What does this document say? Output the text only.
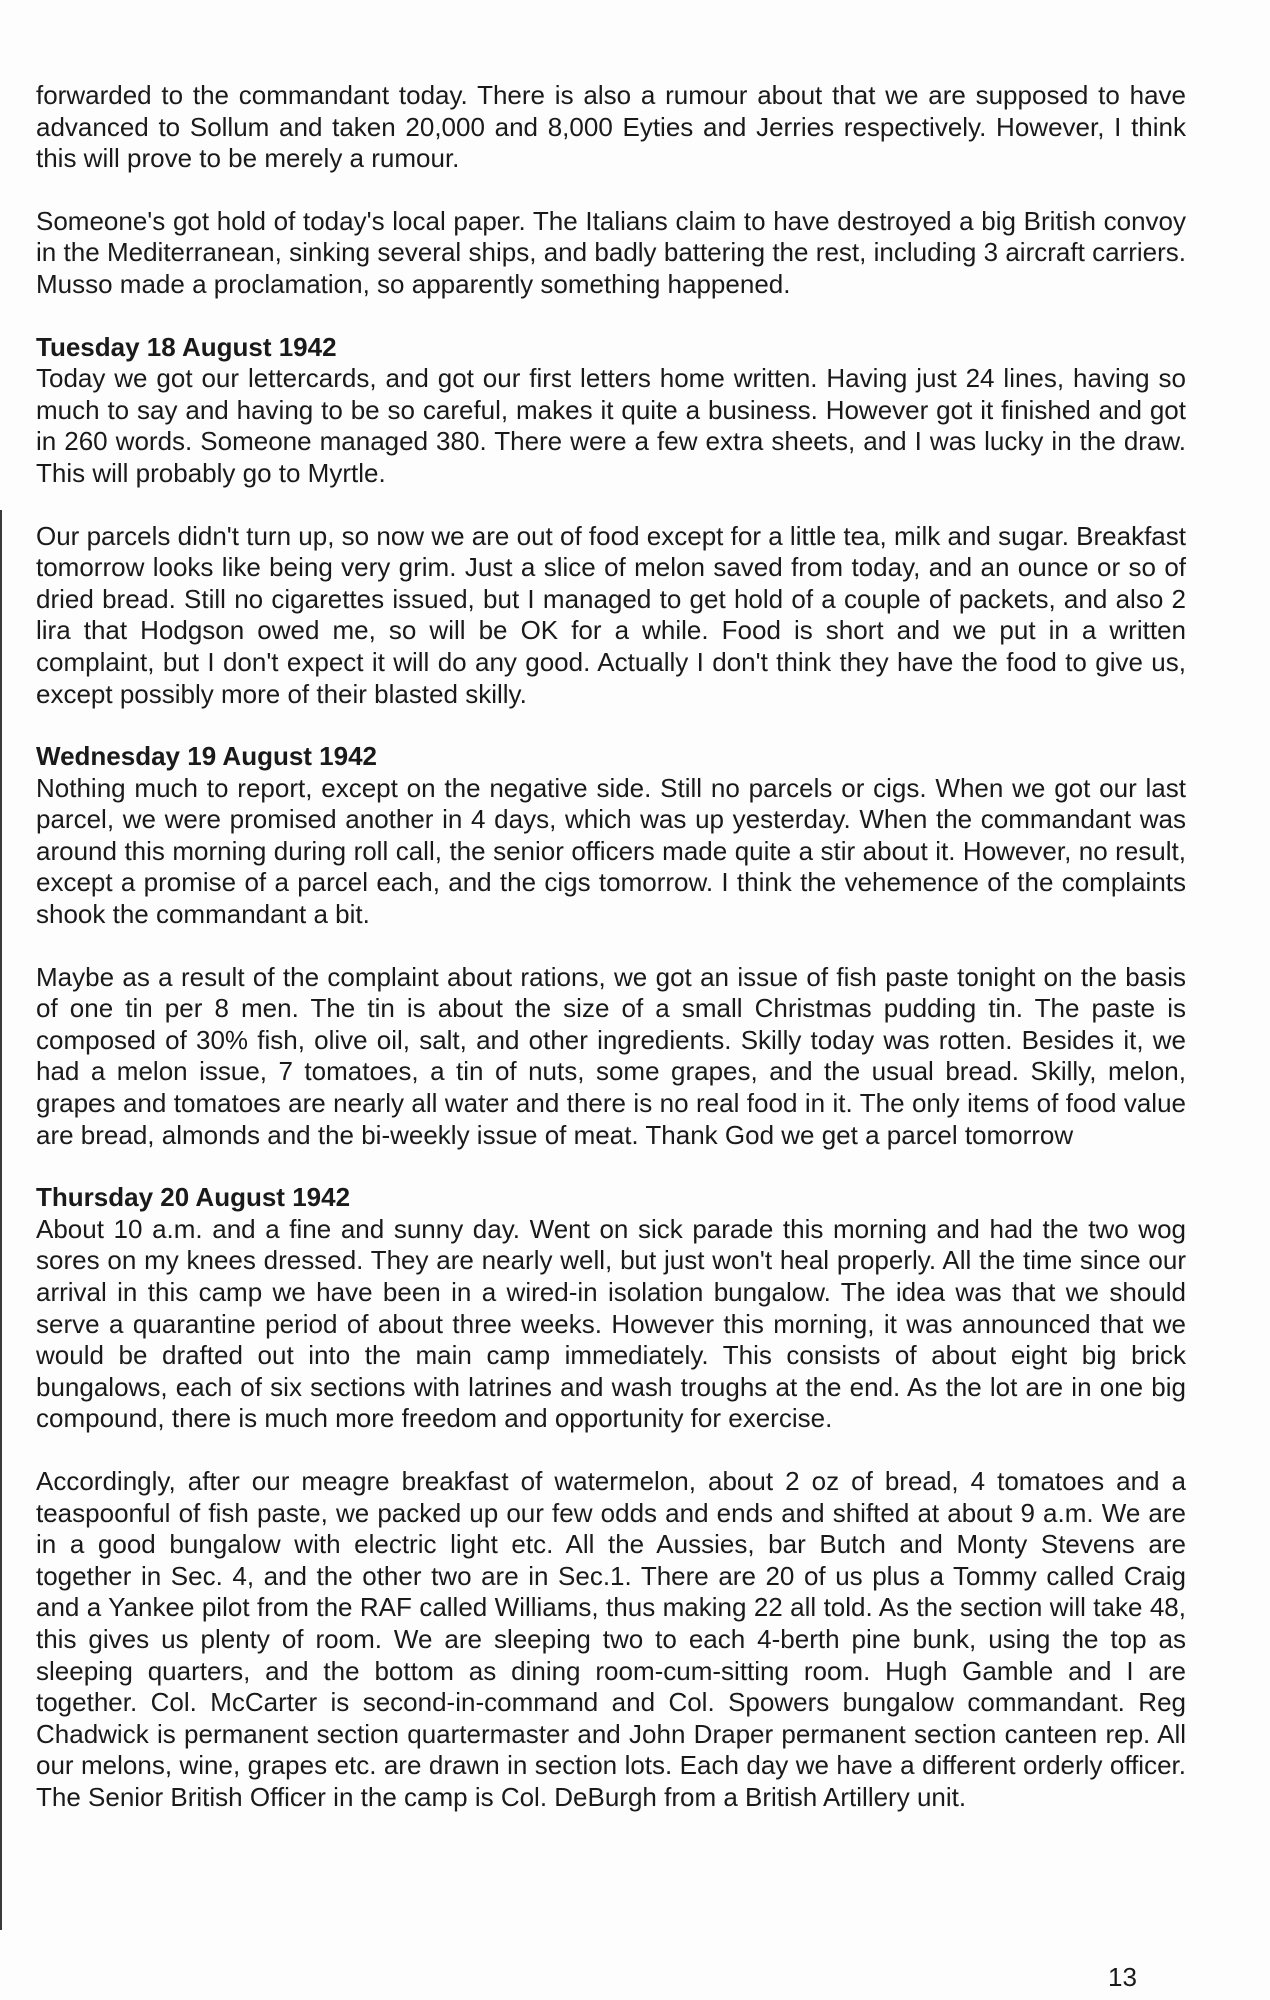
forwarded to the commandant today. There is also a rumour about that we are supposed to have advanced to Sollum and taken 20,000 and 8,000 Eyties and Jerries respectively. However, I think this will prove to be merely a rumour.

Someone's got hold of today's local paper. The Italians claim to have destroyed a big British convoy in the Mediterranean, sinking several ships, and badly battering the rest, including 3 aircraft carriers. Musso made a proclamation, so apparently something happened.

Tuesday 18 August 1942

Today we got our lettercards, and got our first letters home written. Having just 24 lines, having so much to say and having to be so careful, makes it quite a business. However got it finished and got in 260 words. Someone managed 380. There were a few extra sheets, and I was lucky in the draw. This will probably go to Myrtle.

Our parcels didn't turn up, so now we are out of food except for a little tea, milk and sugar. Breakfast tomorrow looks like being very grim. Just a slice of melon saved from today, and an ounce or so of dried bread. Still no cigarettes issued, but I managed to get hold of a couple of packets, and also 2 lira that Hodgson owed me, so will be OK for a while. Food is short and we put in a written complaint, but I don't expect it will do any good. Actually I don't think they have the food to give us, except possibly more of their blasted skilly.

Wednesday 19 August 1942

Nothing much to report, except on the negative side. Still no parcels or cigs. When we got our last parcel, we were promised another in 4 days, which was up yesterday. When the commandant was around this morning during roll call, the senior officers made quite a stir about it. However, no result, except a promise of a parcel each, and the cigs tomorrow. I think the vehemence of the complaints shook the commandant a bit.

Maybe as a result of the complaint about rations, we got an issue of fish paste tonight on the basis of one tin per 8 men. The tin is about the size of a small Christmas pudding tin. The paste is composed of 30% fish, olive oil, salt, and other ingredients. Skilly today was rotten. Besides it, we had a melon issue, 7 tomatoes, a tin of nuts, some grapes, and the usual bread. Skilly, melon, grapes and tomatoes are nearly all water and there is no real food in it. The only items of food value are bread, almonds and the bi-weekly issue of meat. Thank God we get a parcel tomorrow

Thursday 20 August 1942

About 10 a.m. and a fine and sunny day. Went on sick parade this morning and had the two wog sores on my knees dressed. They are nearly well, but just won't heal properly. All the time since our arrival in this camp we have been in a wired-in isolation bungalow. The idea was that we should serve a quarantine period of about three weeks. However this morning, it was announced that we would be drafted out into the main camp immediately. This consists of about eight big brick bungalows, each of six sections with latrines and wash troughs at the end. As the lot are in one big compound, there is much more freedom and opportunity for exercise.

Accordingly, after our meagre breakfast of watermelon, about 2 oz of bread, 4 tomatoes and a teaspoonful of fish paste, we packed up our few odds and ends and shifted at about 9 a.m. We are in a good bungalow with electric light etc. All the Aussies, bar Butch and Monty Stevens are together in Sec. 4, and the other two are in Sec.1. There are 20 of us plus a Tommy called Craig and a Yankee pilot from the RAF called Williams, thus making 22 all told. As the section will take 48, this gives us plenty of room. We are sleeping two to each 4-berth pine bunk, using the top as sleeping quarters, and the bottom as dining room-cum-sitting room. Hugh Gamble and I are together. Col. McCarter is second-in-command and Col. Spowers bungalow commandant. Reg Chadwick is permanent section quartermaster and John Draper permanent section canteen rep. All our melons, wine, grapes etc. are drawn in section lots. Each day we have a different orderly officer. The Senior British Officer in the camp is Col. DeBurgh from a British Artillery unit.

13
